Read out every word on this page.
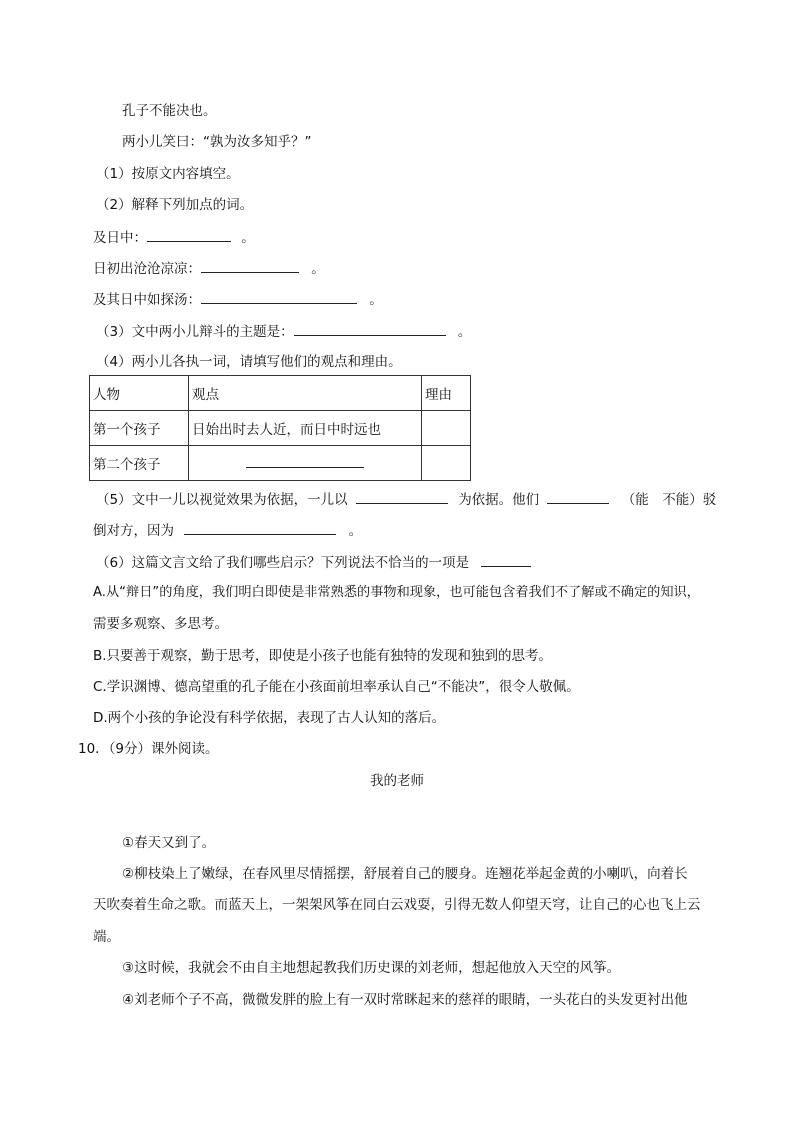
孔子不能决也。
两小儿笑曰：“孰为汝多知乎？”
（1）按原文内容填空。
（2）解释下列加点的词。
及日中：	。
日初出沧沧凉凉：	。
及其日中如探汤：	。
（3）文中两小儿辩斗的主题是：	。
（4）两小儿各执一词，请填写他们的观点和理由。
人物	观点	理由
第一个孩子	日始出时去人近，而日中时远也	
第二个孩子		
（5）文中一儿以视觉效果为依据，一儿以	为依据。他们	（能　不能）驳
倒对方，因为	。
（6）这篇文言文给了我们哪些启示？下列说法不恰当的一项是
A.从“辩日”的角度，我们明白即使是非常熟悉的事物和现象，也可能包含着我们不了解或不确定的知识，
需要多观察、多思考。
B.只要善于观察，勤于思考，即使是小孩子也能有独特的发现和独到的思考。
C.学识渊博、德高望重的孔子能在小孩面前坦率承认自己“不能决”，很令人敬佩。
D.两个小孩的争论没有科学依据，表现了古人认知的落后。
10．（9分）课外阅读。
我的老师
①春天又到了。
②柳枝染上了嫩绿，在春风里尽情摇摆，舒展着自己的腰身。连翘花举起金黄的小喇叭，向着长
天吹奏着生命之歌。而蓝天上，一架架风筝在同白云戏耍，引得无数人仰望天穹，让自己的心也飞上云
端。
③这时候，我就会不由自主地想起教我们历史课的刘老师，想起他放入天空的风筝。
④刘老师个子不高，微微发胖的脸上有一双时常眯起来的慈祥的眼睛，一头花白的头发更衬出他
